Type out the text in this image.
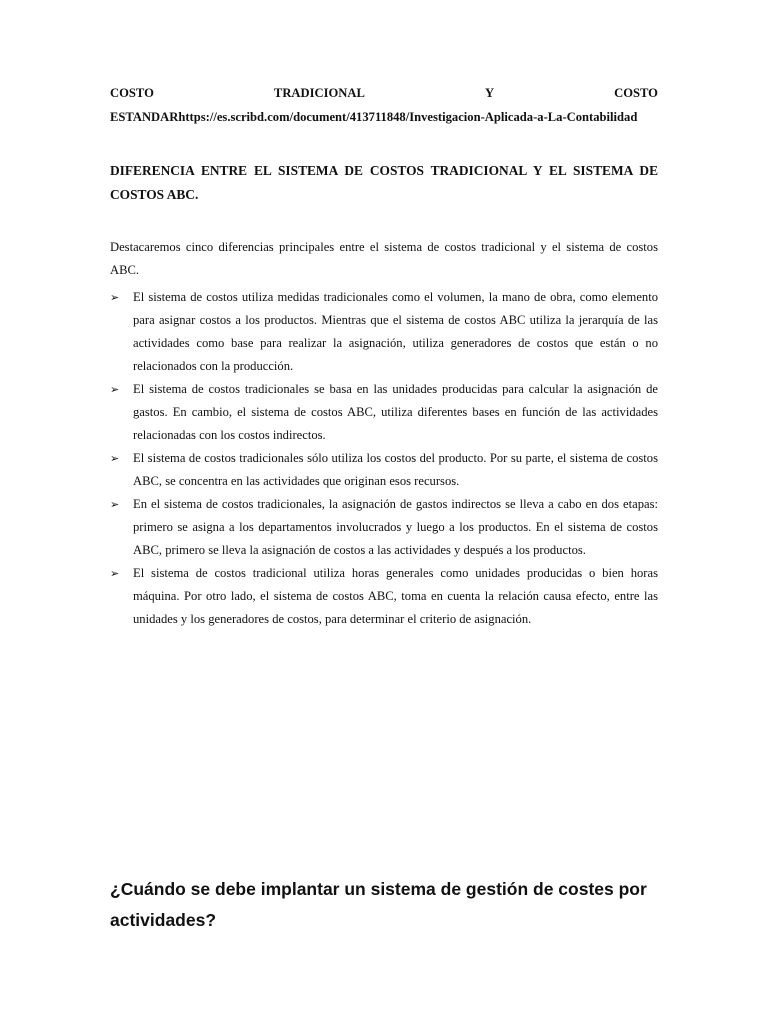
COSTO	TRADICIONAL	Y	COSTO
ESTANDARhttps://es.scribd.com/document/413711848/Investigacion-Aplicada-a-La-Contabilidad

DIFERENCIA ENTRE EL SISTEMA DE COSTOS TRADICIONAL Y EL SISTEMA DE COSTOS ABC.

Destacaremos cinco diferencias principales entre el sistema de costos tradicional y el sistema de costos ABC.

➢ El sistema de costos utiliza medidas tradicionales como el volumen, la mano de obra, como elemento para asignar costos a los productos. Mientras que el sistema de costos ABC utiliza la jerarquía de las actividades como base para realizar la asignación, utiliza generadores de costos que están o no relacionados con la producción.
➢ El sistema de costos tradicionales se basa en las unidades producidas para calcular la asignación de gastos. En cambio, el sistema de costos ABC, utiliza diferentes bases en función de las actividades relacionadas con los costos indirectos.
➢ El sistema de costos tradicionales sólo utiliza los costos del producto. Por su parte, el sistema de costos ABC, se concentra en las actividades que originan esos recursos.
➢ En el sistema de costos tradicionales, la asignación de gastos indirectos se lleva a cabo en dos etapas: primero se asigna a los departamentos involucrados y luego a los productos. En el sistema de costos ABC, primero se lleva la asignación de costos a las actividades y después a los productos.
➢ El sistema de costos tradicional utiliza horas generales como unidades producidas o bien horas máquina. Por otro lado, el sistema de costos ABC, toma en cuenta la relación causa efecto, entre las unidades y los generadores de costos, para determinar el criterio de asignación.

¿Cuándo se debe implantar un sistema de gestión de costes por actividades?
